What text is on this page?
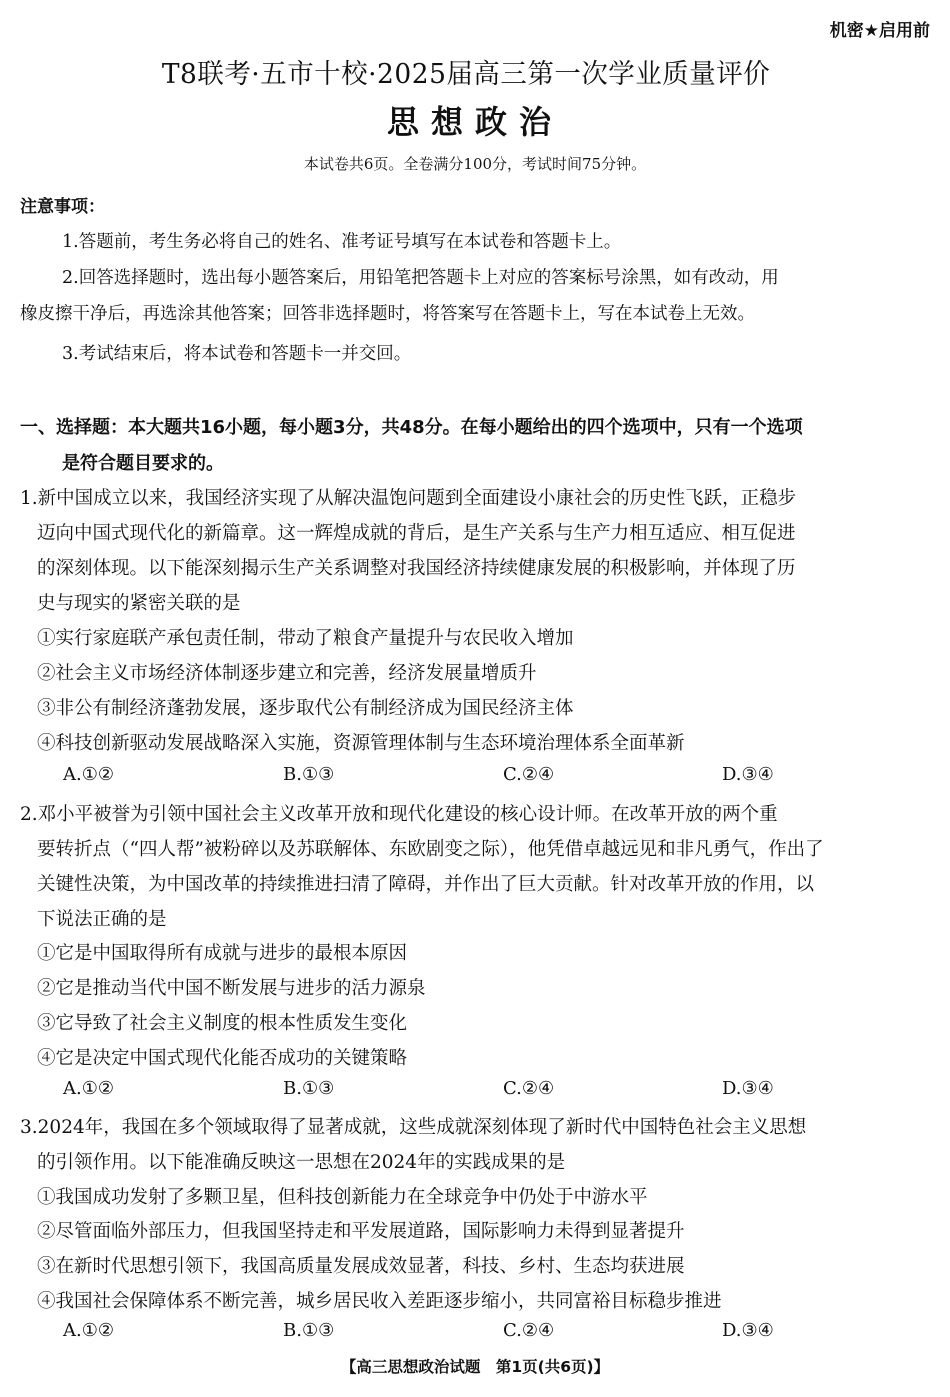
机密★启用前
T8联考·五市十校·2025届高三第一次学业质量评价
思想政治
本试卷共6页。全卷满分100分，考试时间75分钟。
注意事项：
1.答题前，考生务必将自己的姓名、准考证号填写在本试卷和答题卡上。
2.回答选择题时，选出每小题答案后，用铅笔把答题卡上对应的答案标号涂黑，如有改动，用
橡皮擦干净后，再选涂其他答案；回答非选择题时，将答案写在答题卡上，写在本试卷上无效。
3.考试结束后，将本试卷和答题卡一并交回。
一、选择题：本大题共16小题，每小题3分，共48分。在每小题给出的四个选项中，只有一个选项
是符合题目要求的。
1.新中国成立以来，我国经济实现了从解决温饱问题到全面建设小康社会的历史性飞跃，正稳步
迈向中国式现代化的新篇章。这一辉煌成就的背后，是生产关系与生产力相互适应、相互促进
的深刻体现。以下能深刻揭示生产关系调整对我国经济持续健康发展的积极影响，并体现了历
史与现实的紧密关联的是
①实行家庭联产承包责任制，带动了粮食产量提升与农民收入增加
②社会主义市场经济体制逐步建立和完善，经济发展量增质升
③非公有制经济蓬勃发展，逐步取代公有制经济成为国民经济主体
④科技创新驱动发展战略深入实施，资源管理体制与生态环境治理体系全面革新
A.①②	B.①③	C.②④	D.③④
2.邓小平被誉为引领中国社会主义改革开放和现代化建设的核心设计师。在改革开放的两个重
要转折点（“四人帮”被粉碎以及苏联解体、东欧剧变之际），他凭借卓越远见和非凡勇气，作出了
关键性决策，为中国改革的持续推进扫清了障碍，并作出了巨大贡献。针对改革开放的作用，以
下说法正确的是
①它是中国取得所有成就与进步的最根本原因
②它是推动当代中国不断发展与进步的活力源泉
③它导致了社会主义制度的根本性质发生变化
④它是决定中国式现代化能否成功的关键策略
A.①②	B.①③	C.②④	D.③④
3.2024年，我国在多个领域取得了显著成就，这些成就深刻体现了新时代中国特色社会主义思想
的引领作用。以下能准确反映这一思想在2024年的实践成果的是
①我国成功发射了多颗卫星，但科技创新能力在全球竞争中仍处于中游水平
②尽管面临外部压力，但我国坚持走和平发展道路，国际影响力未得到显著提升
③在新时代思想引领下，我国高质量发展成效显著，科技、乡村、生态均获进展
④我国社会保障体系不断完善，城乡居民收入差距逐步缩小，共同富裕目标稳步推进
A.①②	B.①③	C.②④	D.③④
【高三思想政治试题　第1页(共6页)】
